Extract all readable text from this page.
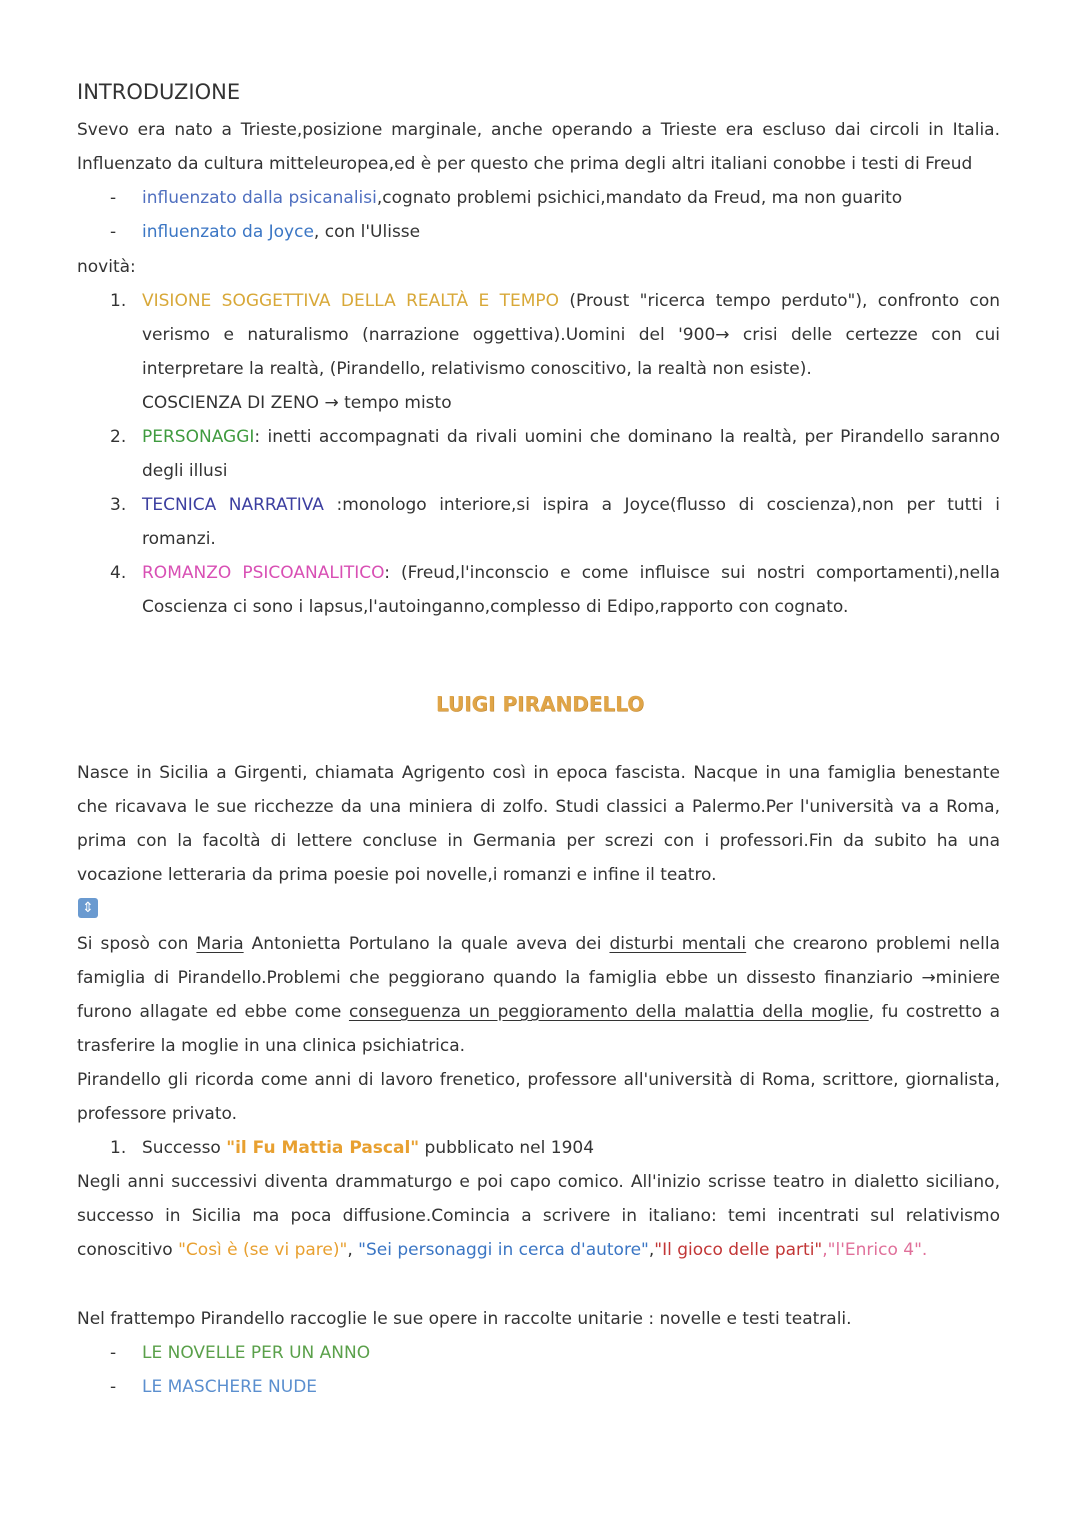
INTRODUZIONE
Svevo era nato a Trieste,posizione marginale, anche operando a Trieste era escluso dai circoli in Italia.
Influenzato da cultura mitteleuropea,ed è per questo che prima degli altri italiani conobbe i testi di Freud
- influenzato dalla psicanalisi,cognato problemi psichici,mandato da Freud, ma non guarito
- influenzato da Joyce, con l'Ulisse
novità:
1. VISIONE SOGGETTIVA DELLA REALTÀ E TEMPO (Proust "ricerca tempo perduto"), confronto con
verismo e naturalismo (narrazione oggettiva).Uomini del '900→ crisi delle certezze con cui
interpretare la realtà, (Pirandello, relativismo conoscitivo, la realtà non esiste).
COSCIENZA DI ZENO → tempo misto
2. PERSONAGGI: inetti accompagnati da rivali uomini che dominano la realtà, per Pirandello saranno
degli illusi
3. TECNICA NARRATIVA :monologo interiore,si ispira a Joyce(flusso di coscienza),non per tutti i
romanzi.
4. ROMANZO PSICOANALITICO: (Freud,l'inconscio e come influisce sui nostri comportamenti),nella
Coscienza ci sono i lapsus,l'autoinganno,complesso di Edipo,rapporto con cognato.
LUIGI PIRANDELLO
Nasce in Sicilia a Girgenti, chiamata Agrigento così in epoca fascista. Nacque in una famiglia benestante
che ricavava le sue ricchezze da una miniera di zolfo. Studi classici a Palermo.Per l'università va a Roma,
prima con la facoltà di lettere concluse in Germania per screzi con i professori.Fin da subito ha una
vocazione letteraria da prima poesie poi novelle,i romanzi e infine il teatro.
⇕
Si sposò con Maria Antonietta Portulano la quale aveva dei disturbi mentali che crearono problemi nella
famiglia di Pirandello.Problemi che peggiorano quando la famiglia ebbe un dissesto finanziario →miniere
furono allagate ed ebbe come conseguenza un peggioramento della malattia della moglie, fu costretto a
trasferire la moglie in una clinica psichiatrica.
Pirandello gli ricorda come anni di lavoro frenetico, professore all'università di Roma, scrittore, giornalista,
professore privato.
1. Successo "il Fu Mattia Pascal" pubblicato nel 1904
Negli anni successivi diventa drammaturgo e poi capo comico. All'inizio scrisse teatro in dialetto siciliano,
successo in Sicilia ma poca diffusione.Comincia a scrivere in italiano: temi incentrati sul relativismo
conoscitivo "Così è (se vi pare)", "Sei personaggi in cerca d'autore","Il gioco delle parti","l'Enrico 4".
Nel frattempo Pirandello raccoglie le sue opere in raccolte unitarie : novelle e testi teatrali.
- LE NOVELLE PER UN ANNO
- LE MASCHERE NUDE
